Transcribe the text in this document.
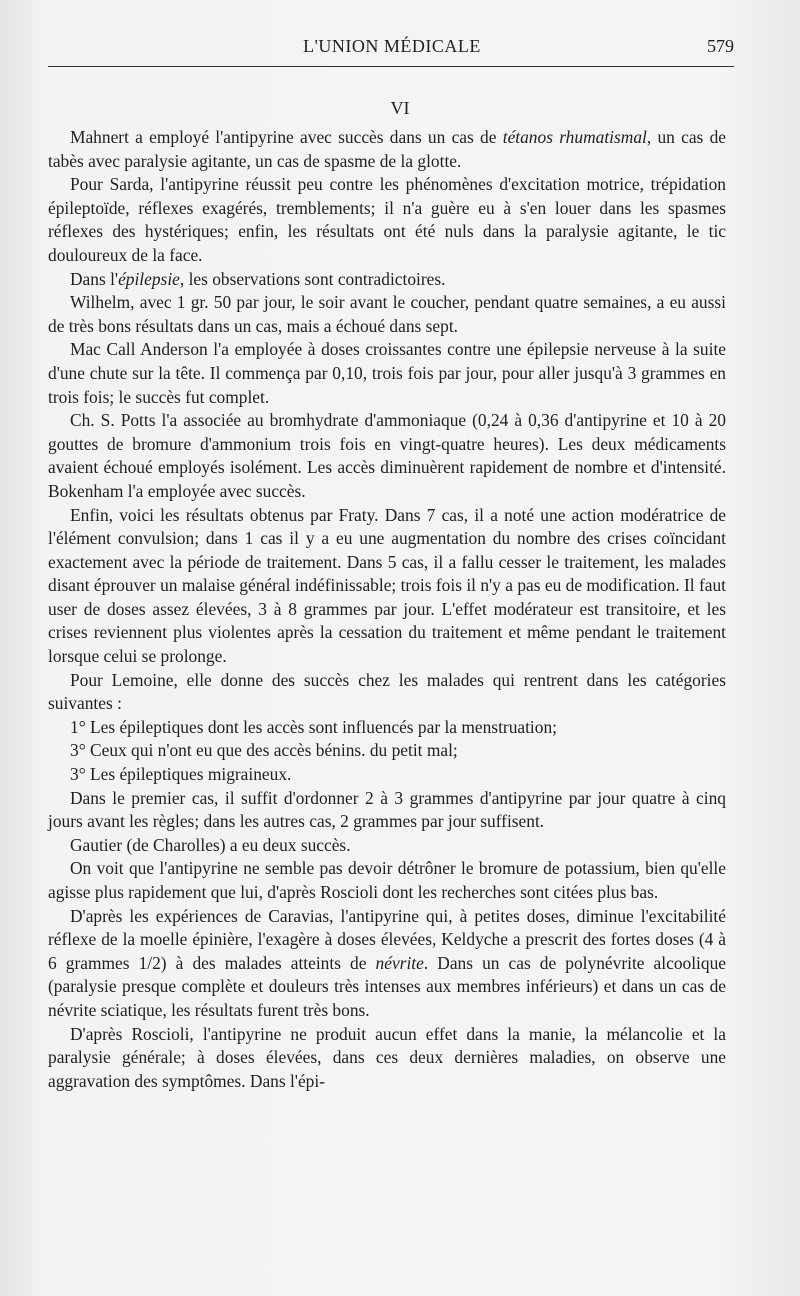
L'UNION MÉDICALE	579
VI

Mahnert a employé l'antipyrine avec succès dans un cas de tétanos rhumatismal, un cas de tabès avec paralysie agitante, un cas de spasme de la glotte.

Pour Sarda, l'antipyrine réussit peu contre les phénomènes d'excitation motrice, trépidation épileptoïde, réflexes exagérés, tremblements; il n'a guère eu à s'en louer dans les spasmes réflexes des hystériques; enfin, les résultats ont été nuls dans la paralysie agitante, le tic douloureux de la face.

Dans l'épilepsie, les observations sont contradictoires.

Wilhelm, avec 1 gr. 50 par jour, le soir avant le coucher, pendant quatre semaines, a eu aussi de très bons résultats dans un cas, mais a échoué dans sept.

Mac Call Anderson l'a employée à doses croissantes contre une épilepsie nerveuse à la suite d'une chute sur la tête. Il commença par 0,10, trois fois par jour, pour aller jusqu'à 3 grammes en trois fois; le succès fut complet.

Ch. S. Potts l'a associée au bromhydrate d'ammoniaque (0,24 à 0,36 d'antipyrine et 10 à 20 gouttes de bromure d'ammonium trois fois en vingt-quatre heures). Les deux médicaments avaient échoué employés isolément. Les accès diminuèrent rapidement de nombre et d'intensité. Bokenham l'a employée avec succès.

Enfin, voici les résultats obtenus par Fraty. Dans 7 cas, il a noté une action modératrice de l'élément convulsion; dans 1 cas il y a eu une augmentation du nombre des crises coïncidant exactement avec la période de traitement. Dans 5 cas, il a fallu cesser le traitement, les malades disant éprouver un malaise général indéfinissable; trois fois il n'y a pas eu de modification. Il faut user de doses assez élevées, 3 à 8 grammes par jour. L'effet modérateur est transitoire, et les crises reviennent plus violentes après la cessation du traitement et même pendant le traitement lorsque celui se prolonge.

Pour Lemoine, elle donne des succès chez les malades qui rentrent dans les catégories suivantes :

1° Les épileptiques dont les accès sont influencés par la menstruation;

3° Ceux qui n'ont eu que des accès bénins. du petit mal;

3° Les épileptiques migraineux.

Dans le premier cas, il suffit d'ordonner 2 à 3 grammes d'antipyrine par jour quatre à cinq jours avant les règles; dans les autres cas, 2 grammes par jour suffisent.

Gautier (de Charolles) a eu deux succès.

On voit que l'antipyrine ne semble pas devoir détrôner le bromure de potassium, bien qu'elle agisse plus rapidement que lui, d'après Roscioli dont les recherches sont citées plus bas.

D'après les expériences de Caravias, l'antipyrine qui, à petites doses, diminue l'excitabilité réflexe de la moelle épinière, l'exagère à doses élevées, Keldyche a prescrit des fortes doses (4 à 6 grammes 1/2) à des malades atteints de névrite. Dans un cas de polynévrite alcoolique (paralysie presque complète et douleurs très intenses aux membres inférieurs) et dans un cas de névrite sciatique, les résultats furent très bons.

D'après Roscioli, l'antipyrine ne produit aucun effet dans la manie, la mélancolie et la paralysie générale; à doses élevées, dans ces deux dernières maladies, on observe une aggravation des symptômes. Dans l'épi-
